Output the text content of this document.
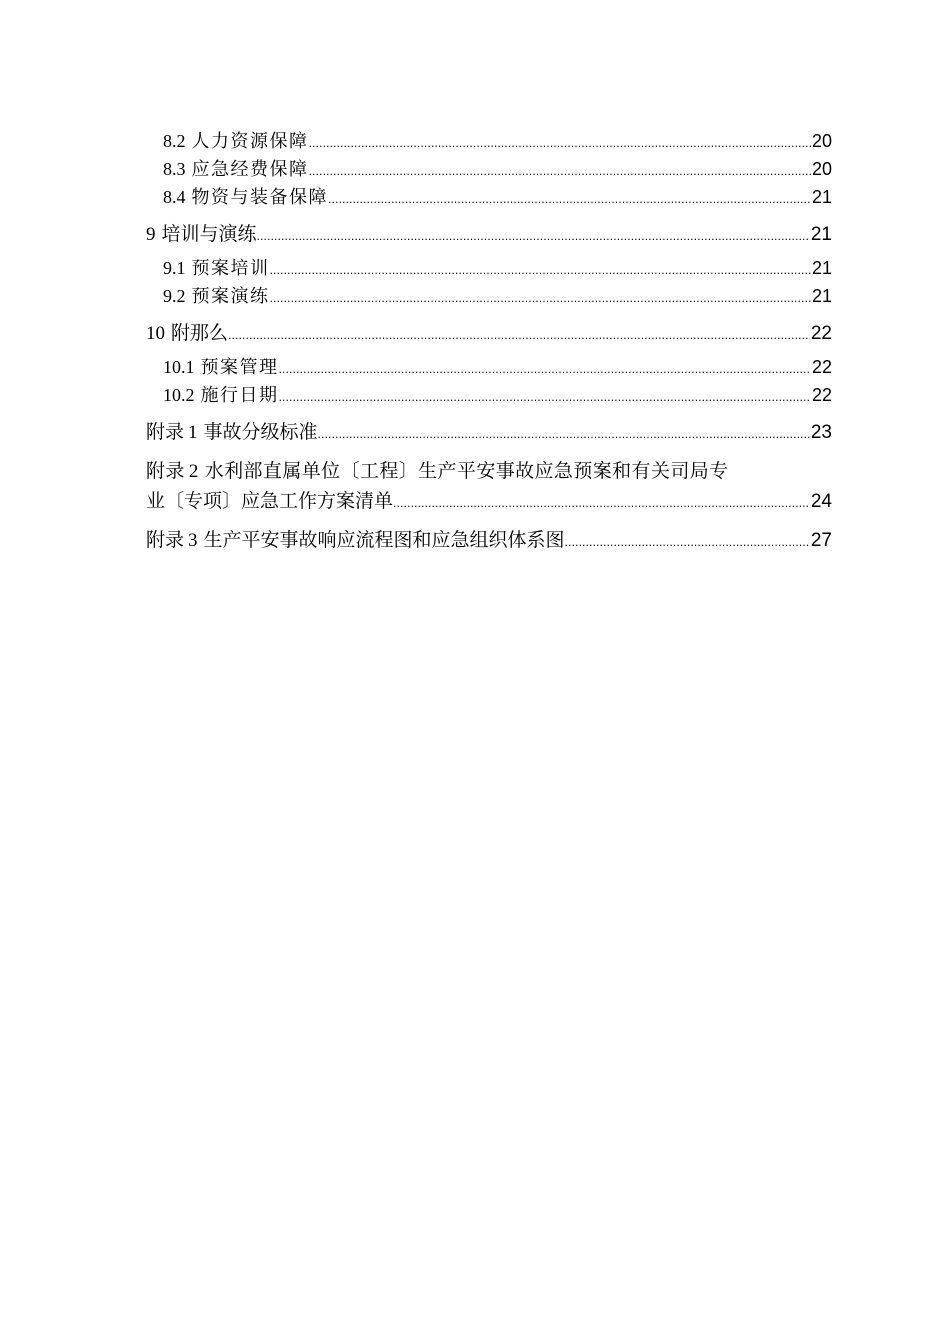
8.2 人力资源保障 .....	20
8.3 应急经费保障 .....	20
8.4 物资与装备保障 .....	21
9 培训与演练 .....	21
9.1 预案培训 .....	21
9.2 预案演练 .....	21
10 附那么 .....	22
10.1 预案管理 .....	22
10.2 施行日期 .....	22
附录 1 事故分级标准 .....	23
附录 2 水利部直属单位〔工程〕生产平安事故应急预案和有关司局专
业〔专项〕应急工作方案清单 .....	24
附录 3 生产平安事故响应流程图和应急组织体系图 .....	27
